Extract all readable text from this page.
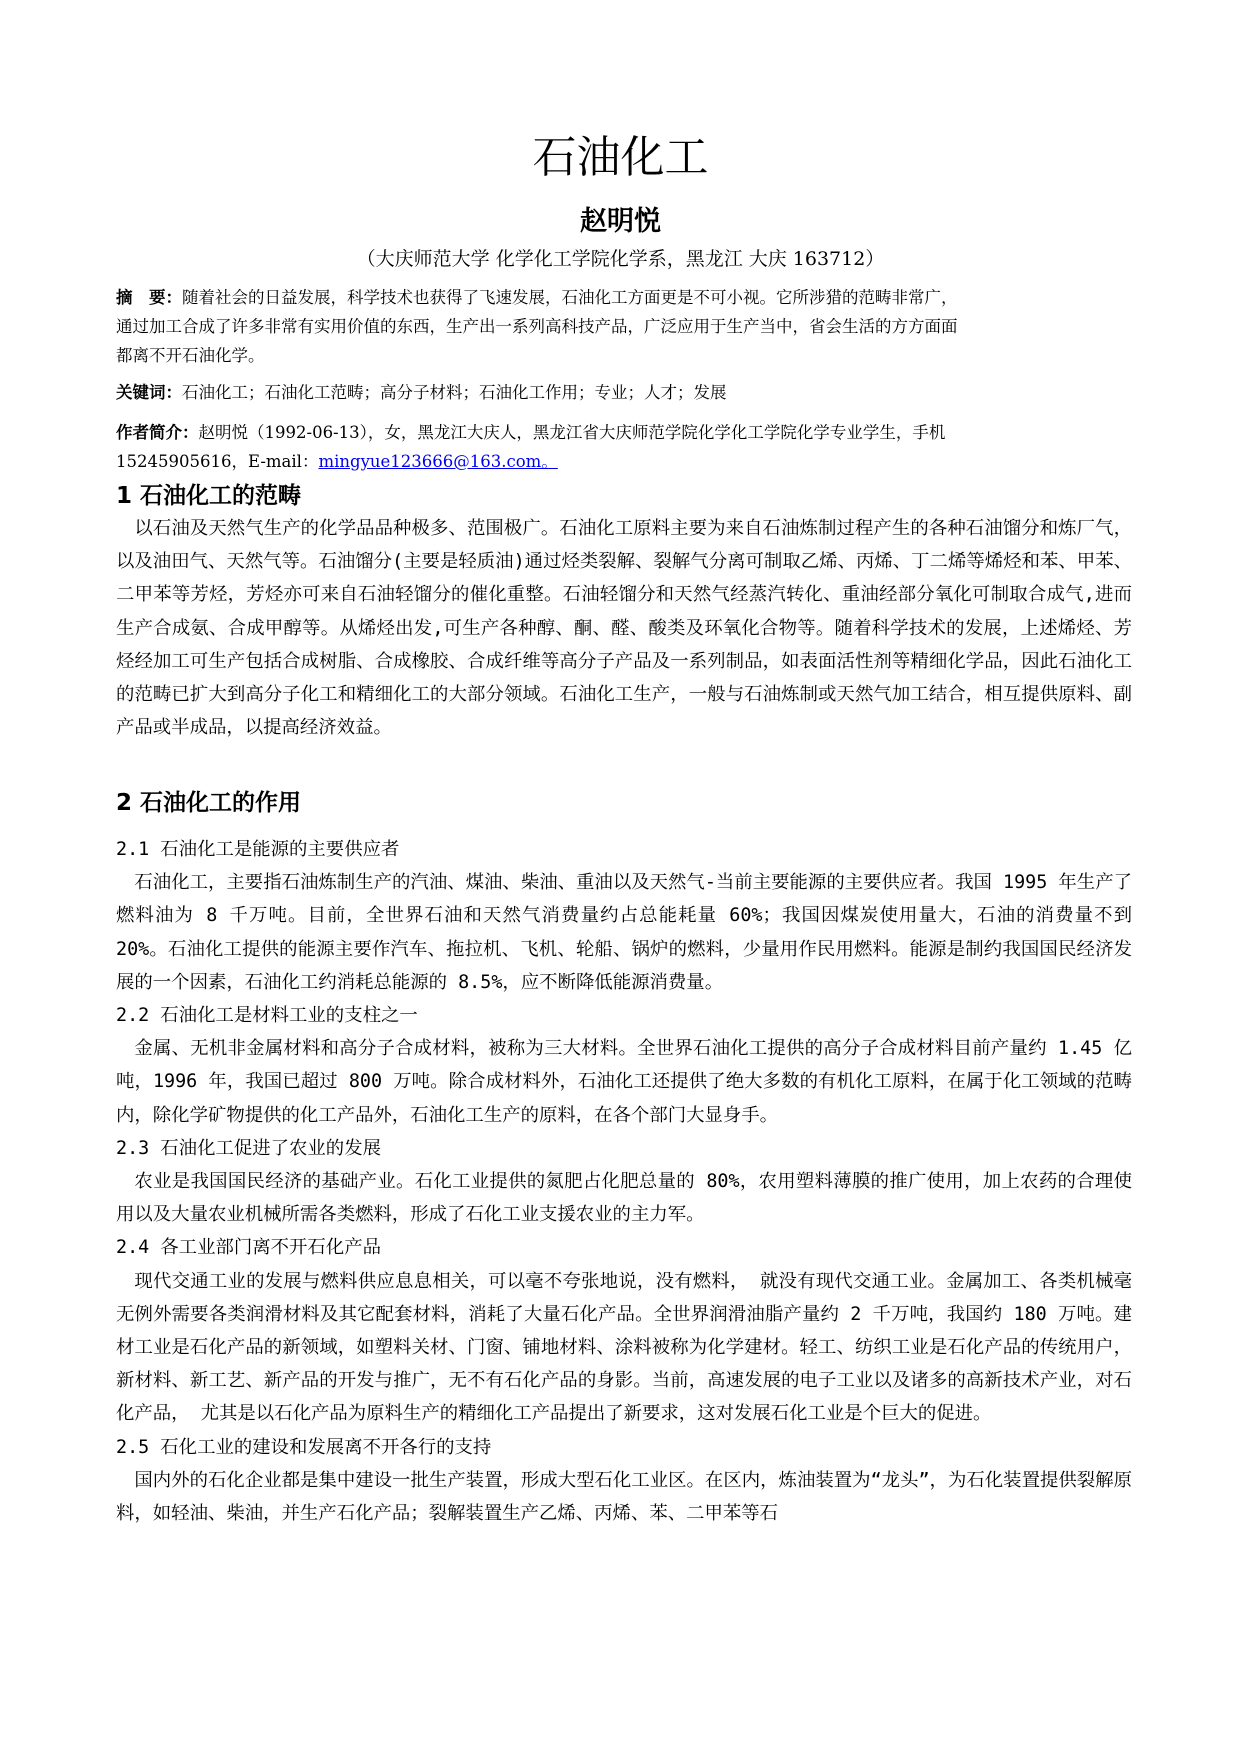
石油化工
赵明悦
（大庆师范大学 化学化工学院化学系，黑龙江 大庆 163712）
摘　要：随着社会的日益发展，科学技术也获得了飞速发展，石油化工方面更是不可小视。它所涉猎的范畴非常广，
通过加工合成了许多非常有实用价值的东西，生产出一系列高科技产品，广泛应用于生产当中，省会生活的方方面面
都离不开石油化学。
关键词：石油化工；石油化工范畴；高分子材料；石油化工作用；专业；人才；发展
作者简介：赵明悦（1992-06-13），女，黑龙江大庆人，黑龙江省大庆师范学院化学化工学院化学专业学生，手机
15245905616，E-mail：mingyue123666@163.com。
1 石油化工的范畴

以石油及天然气生产的化学品品种极多、范围极广。石油化工原料主要为来自石油炼制过程产生的各种石油馏分和炼厂气，以及油田气、天然气等。石油馏分(主要是轻质油)通过烃类裂解、裂解气分离可制取乙烯、丙烯、丁二烯等烯烃和苯、甲苯、二甲苯等芳烃，芳烃亦可来自石油轻馏分的催化重整。石油轻馏分和天然气经蒸汽转化、重油经部分氧化可制取合成气,进而生产合成氨、合成甲醇等。从烯烃出发,可生产各种醇、酮、醛、酸类及环氧化合物等。随着科学技术的发展，上述烯烃、芳烃经加工可生产包括合成树脂、合成橡胶、合成纤维等高分子产品及一系列制品，如表面活性剂等精细化学品，因此石油化工的范畴已扩大到高分子化工和精细化工的大部分领域。石油化工生产，一般与石油炼制或天然气加工结合，相互提供原料、副产品或半成品，以提高经济效益。

2 石油化工的作用
2.1 石油化工是能源的主要供应者

石油化工，主要指石油炼制生产的汽油、煤油、柴油、重油以及天然气-当前主要能源的主要供应者。我国 1995 年生产了燃料油为 8 千万吨。目前，全世界石油和天然气消费量约占总能耗量 60%；我国因煤炭使用量大，石油的消费量不到 20%。石油化工提供的能源主要作汽车、拖拉机、飞机、轮船、锅炉的燃料，少量用作民用燃料。能源是制约我国国民经济发展的一个因素，石油化工约消耗总能源的 8.5%，应不断降低能源消费量。

2.2 石油化工是材料工业的支柱之一

金属、无机非金属材料和高分子合成材料，被称为三大材料。全世界石油化工提供的高分子合成材料目前产量约 1.45 亿吨，1996 年，我国已超过 800 万吨。除合成材料外，石油化工还提供了绝大多数的有机化工原料，在属于化工领域的范畴内，除化学矿物提供的化工产品外，石油化工生产的原料，在各个部门大显身手。

2.3 石油化工促进了农业的发展

农业是我国国民经济的基础产业。石化工业提供的氮肥占化肥总量的 80%，农用塑料薄膜的推广使用，加上农药的合理使用以及大量农业机械所需各类燃料，形成了石化工业支援农业的主力军。

2.4 各工业部门离不开石化产品

现代交通工业的发展与燃料供应息息相关，可以毫不夸张地说，没有燃料， 就没有现代交通工业。金属加工、各类机械毫无例外需要各类润滑材料及其它配套材料，消耗了大量石化产品。全世界润滑油脂产量约 2 千万吨，我国约 180 万吨。建材工业是石化产品的新领域，如塑料关材、门窗、铺地材料、涂料被称为化学建材。轻工、纺织工业是石化产品的传统用户，新材料、新工艺、新产品的开发与推广，无不有石化产品的身影。当前，高速发展的电子工业以及诸多的高新技术产业，对石化产品， 尤其是以石化产品为原料生产的精细化工产品提出了新要求，这对发展石化工业是个巨大的促进。

2.5 石化工业的建设和发展离不开各行的支持

国内外的石化企业都是集中建设一批生产装置，形成大型石化工业区。在区内，炼油装置为“龙头”，为石化装置提供裂解原料，如轻油、柴油，并生产石化产品；裂解装置生产乙烯、丙烯、苯、二甲苯等石
